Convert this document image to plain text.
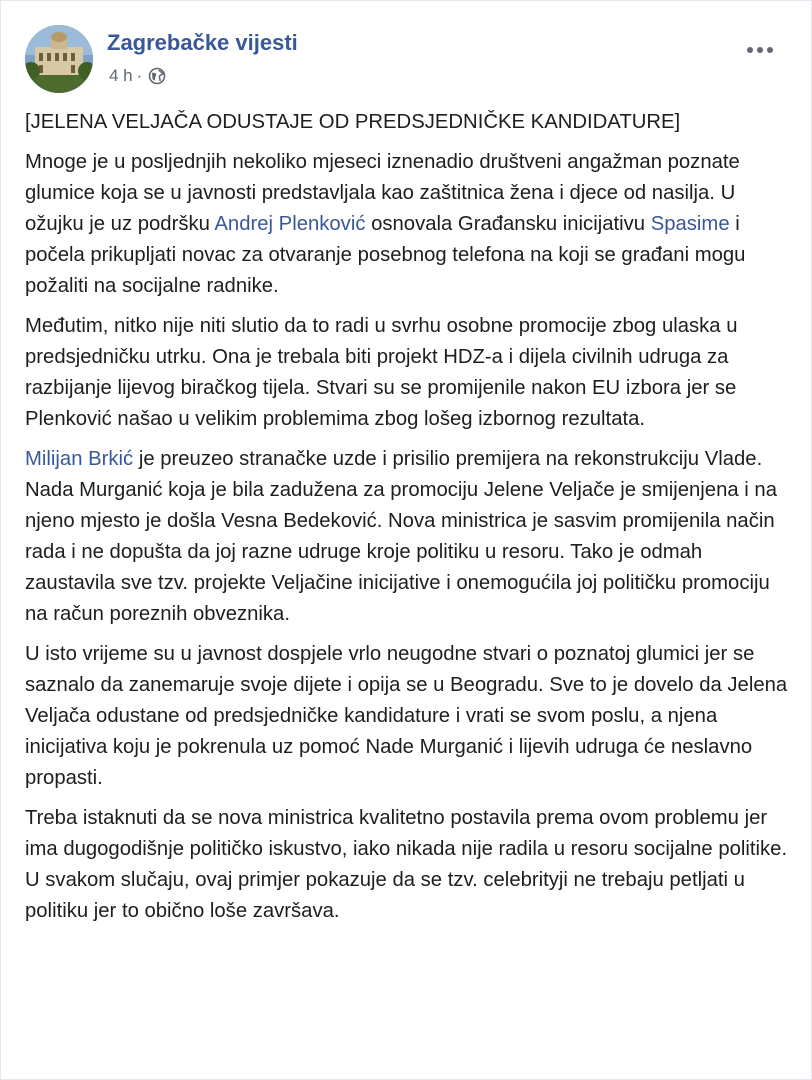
Zagrebačke vijesti
4 h ·

[JELENA VELJAČA ODUSTAJE OD PREDSJEDNIČKE KANDIDATURE]

Mnoge je u posljednjih nekoliko mjeseci iznenadio društveni angažman poznate glumice koja se u javnosti predstavljala kao zaštitnica žena i djece od nasilja. U ožujku je uz podršku Andrej Plenković osnovala Građansku inicijativu Spasime i počela prikupljati novac za otvaranje posebnog telefona na koji se građani mogu požaliti na socijalne radnike.

Međutim, nitko nije niti slutio da to radi u svrhu osobne promocije zbog ulaska u predsjedničku utrku. Ona je trebala biti projekt HDZ-a i dijela civilnih udruga za razbijanje lijevog biračkog tijela. Stvari su se promijenile nakon EU izbora jer se Plenković našao u velikim problemima zbog lošeg izbornog rezultata.

Milijan Brkić je preuzeo stranačke uzde i prisilio premijera na rekonstrukciju Vlade. Nada Murganić koja je bila zadužena za promociju Jelene Veljače je smijenjena i na njeno mjesto je došla Vesna Bedeković. Nova ministrica je sasvim promijenila način rada i ne dopušta da joj razne udruge kroje politiku u resoru. Tako je odmah zaustavila sve tzv. projekte Veljačine inicijative i onemogućila joj političku promociju na račun poreznih obveznika.

U isto vrijeme su u javnost dospjele vrlo neugodne stvari o poznatoj glumici jer se saznalo da zanemaruje svoje dijete i opija se u Beogradu. Sve to je dovelo da Jelena Veljača odustane od predsjedničke kandidature i vrati se svom poslu, a njena inicijativa koju je pokrenula uz pomoć Nade Murganić i lijevih udruga će neslavno propasti.

Treba istaknuti da se nova ministrica kvalitetno postavila prema ovom problemu jer ima dugogodišnje političko iskustvo, iako nikada nije radila u resoru socijalne politike. U svakom slučaju, ovaj primjer pokazuje da se tzv. celebrityji ne trebaju petljati u politiku jer to obično loše završava.
